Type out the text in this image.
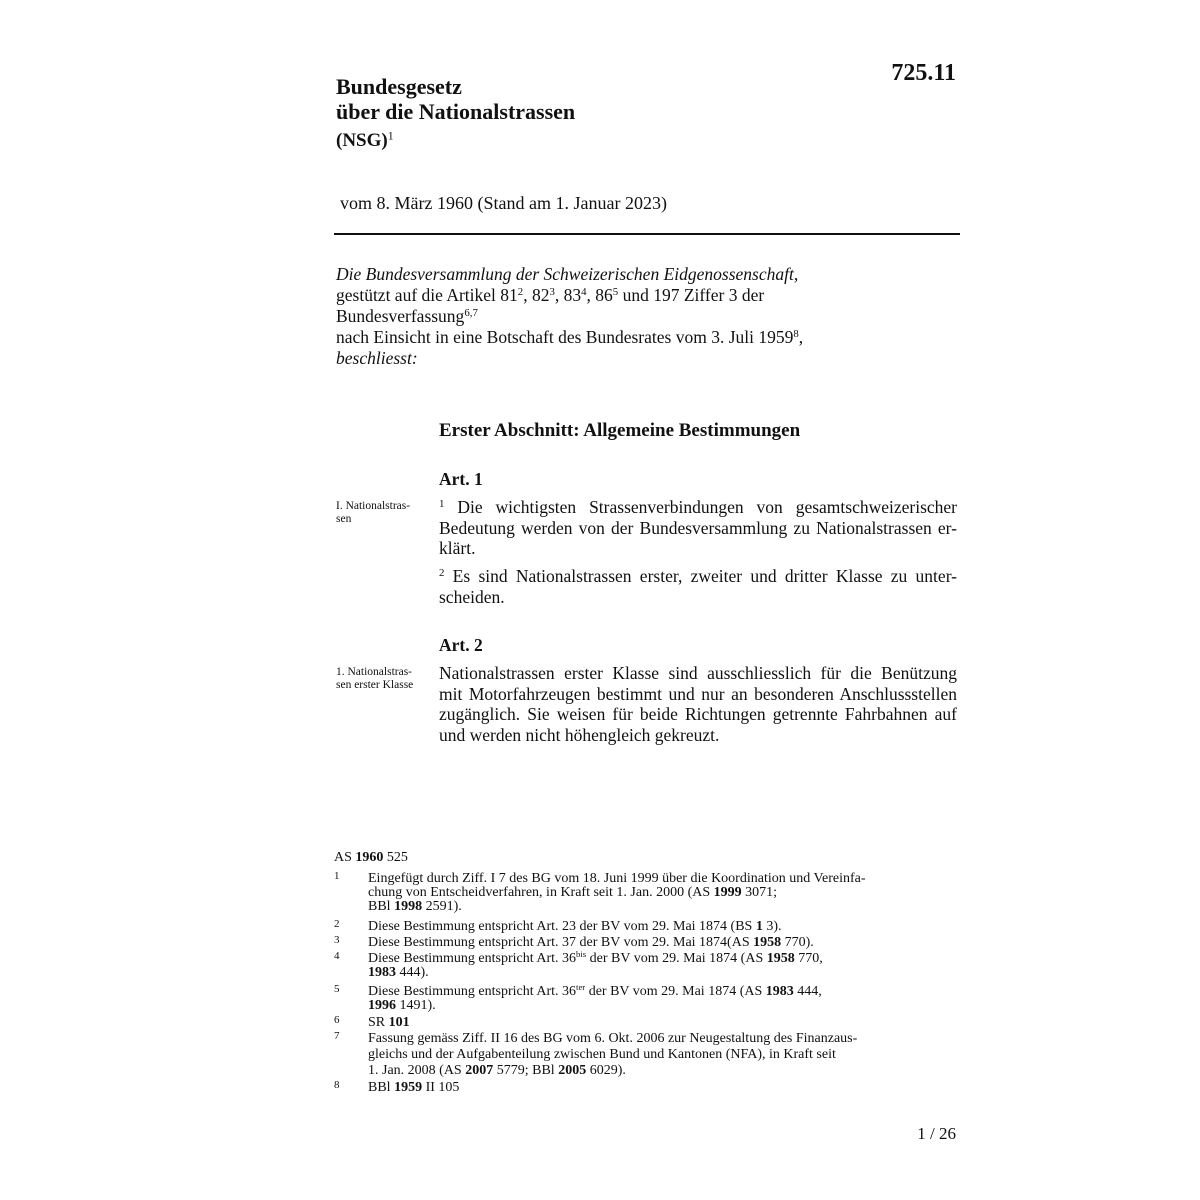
725.11
Bundesgesetz
über die Nationalstrassen
(NSG)$^1$
vom 8. März 1960 (Stand am 1. Januar 2023)
Die Bundesversammlung der Schweizerischen Eidgenossenschaft,
gestützt auf die Artikel $81^2$, $82^3$, $83^4$, $86^5$ und 197 Ziffer 3 der
Bundesverfassung$^{6,7}$
nach Einsicht in eine Botschaft des Bundesrates vom 3. Juli 1959$^8$,
beschliesst:
Erster Abschnitt: Allgemeine Bestimmungen
Art. 1
I. Nationalstras-
sen
$^1$ Die wichtigsten Strassenverbindungen von gesamtschweizerischer
Bedeutung werden von der Bundesversammlung zu Nationalstrassen er-
klärt.
$^2$ Es sind Nationalstrassen erster, zweiter und dritter Klasse zu unter-
scheiden.
Art. 2
1. Nationalstras-
sen erster Klasse
Nationalstrassen erster Klasse sind ausschliesslich für die Benützung
mit Motorfahrzeugen bestimmt und nur an besonderen Anschlussstellen
zugänglich. Sie weisen für beide Richtungen getrennte Fahrbahnen auf
und werden nicht höhengleich gekreuzt.
AS 1960 525
1 Eingefügt durch Ziff. I 7 des BG vom 18. Juni 1999 über die Koordination und Vereinfa-
chung von Entscheidverfahren, in Kraft seit 1. Jan. 2000 (AS 1999 3071;
BBl 1998 2591).
2 Diese Bestimmung entspricht Art. 23 der BV vom 29. Mai 1874 (BS 1 3).
3 Diese Bestimmung entspricht Art. 37 der BV vom 29. Mai 1874(AS 1958 770).
4 Diese Bestimmung entspricht Art. $36^{bis}$ der BV vom 29. Mai 1874 (AS 1958 770,
1983 444).
5 Diese Bestimmung entspricht Art. $36^{ter}$ der BV vom 29. Mai 1874 (AS 1983 444,
1996 1491).
6 SR 101
7 Fassung gemäss Ziff. II 16 des BG vom 6. Okt. 2006 zur Neugestaltung des Finanzaus-
gleichs und der Aufgabenteilung zwischen Bund und Kantonen (NFA), in Kraft seit
1. Jan. 2008 (AS 2007 5779; BBl 2005 6029).
8 BBl 1959 II 105
1 / 26
